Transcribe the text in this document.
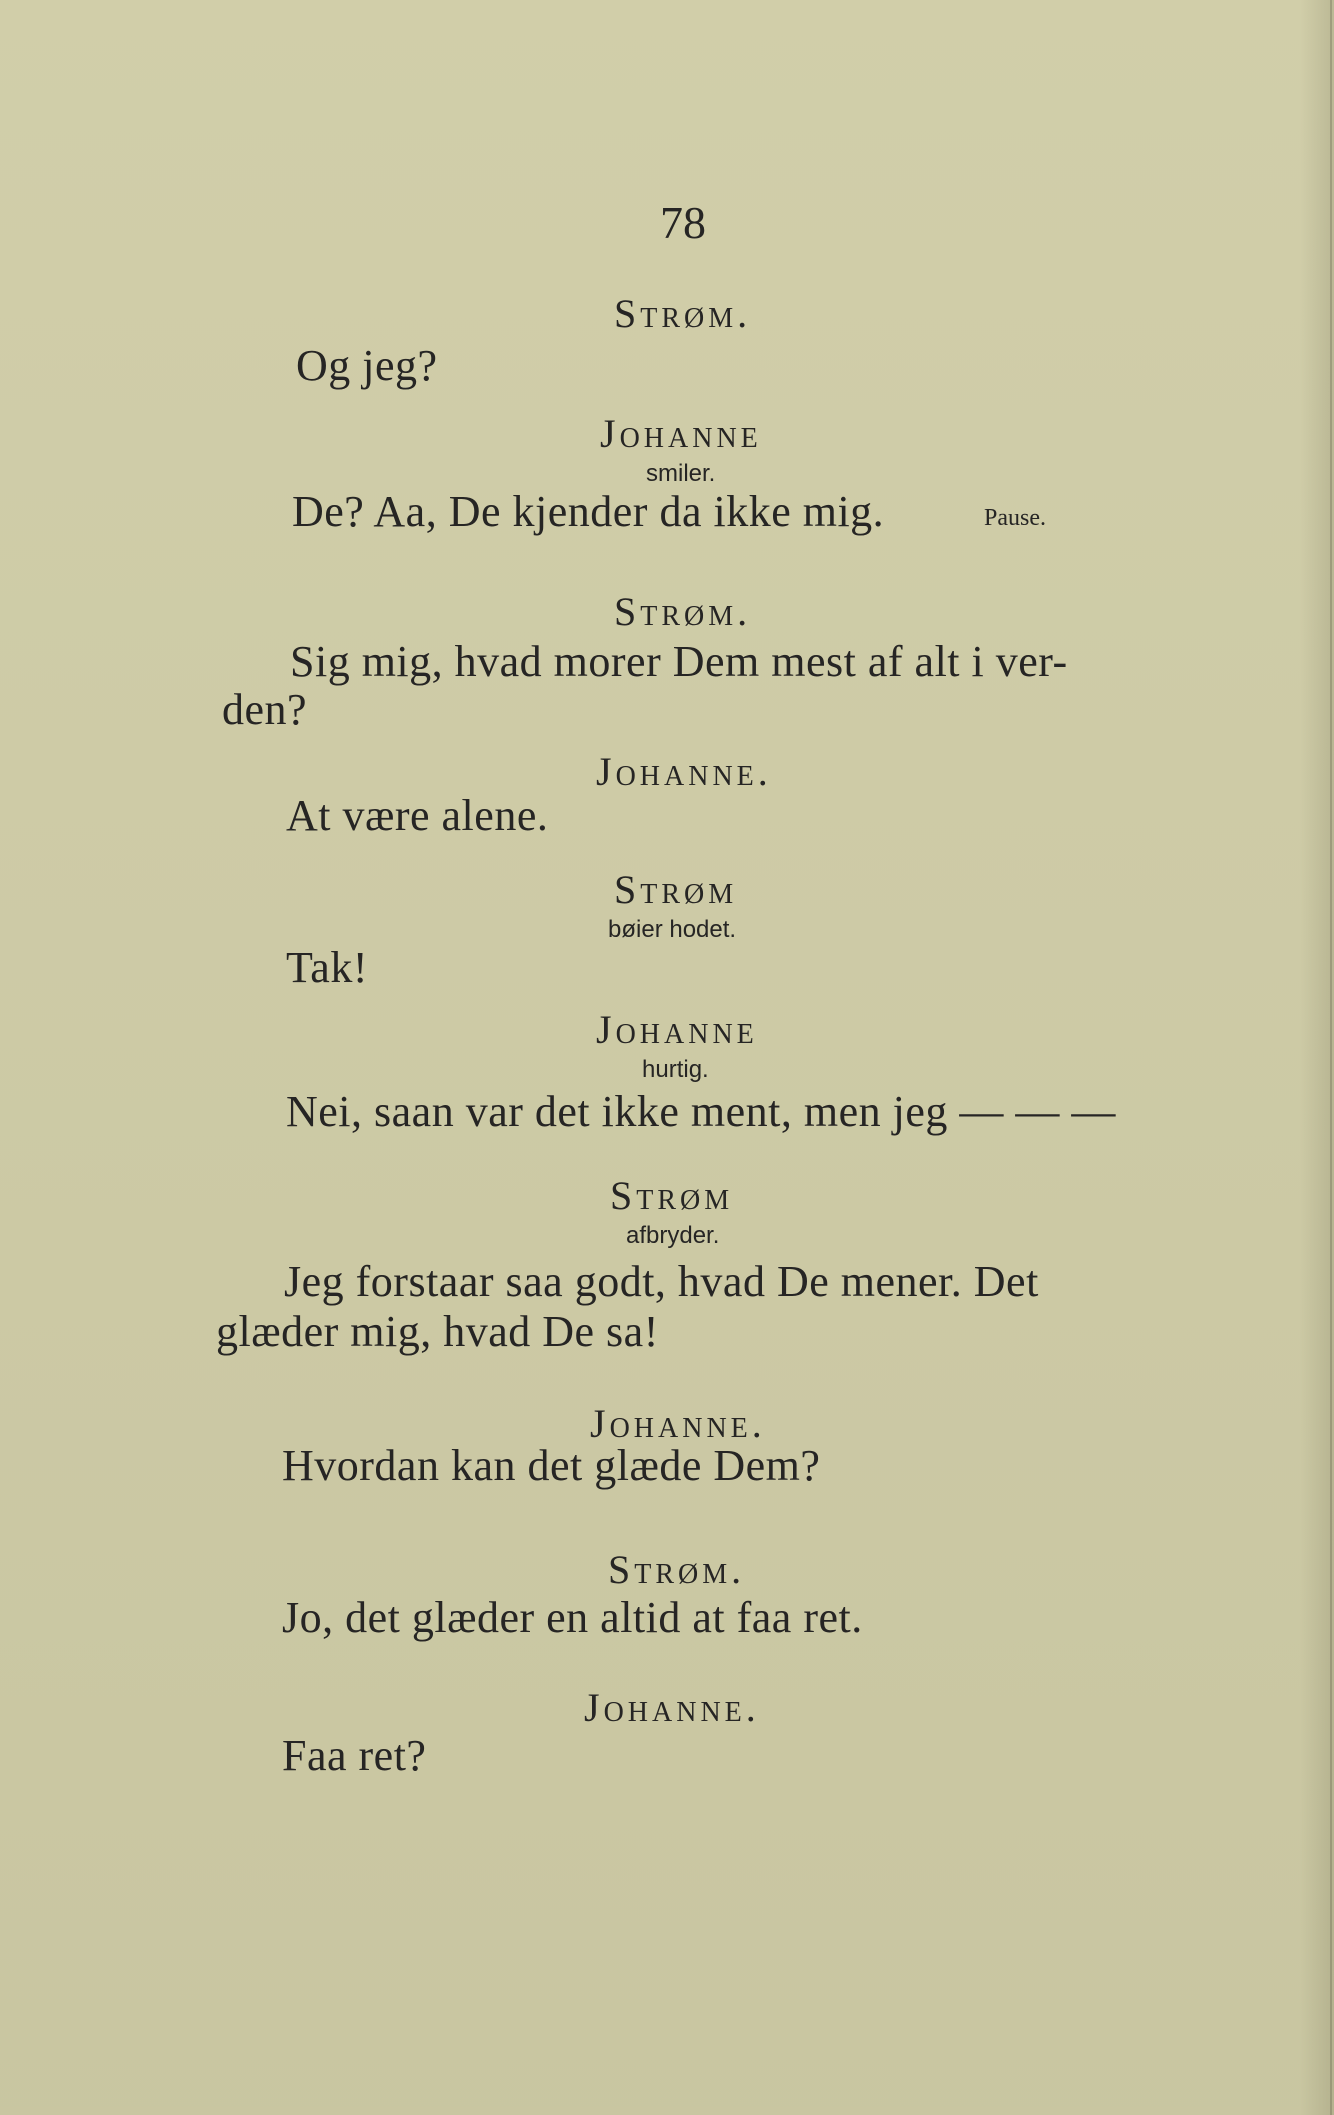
78
Strøm.
Og jeg?
Johanne
smiler.
De? Aa, De kjender da ikke mig.	Pause.
Strøm.
Sig mig, hvad morer Dem mest af alt i ver-
den?
Johanne.
At være alene.
Strøm
bøier hodet.
Tak!
Johanne
hurtig.
Nei, saan var det ikke ment, men jeg — — —
Strøm
afbryder.
Jeg forstaar saa godt, hvad De mener. Det
glæder mig, hvad De sa!
Johanne.
Hvordan kan det glæde Dem?
Strøm.
Jo, det glæder en altid at faa ret.
Johanne.
Faa ret?
